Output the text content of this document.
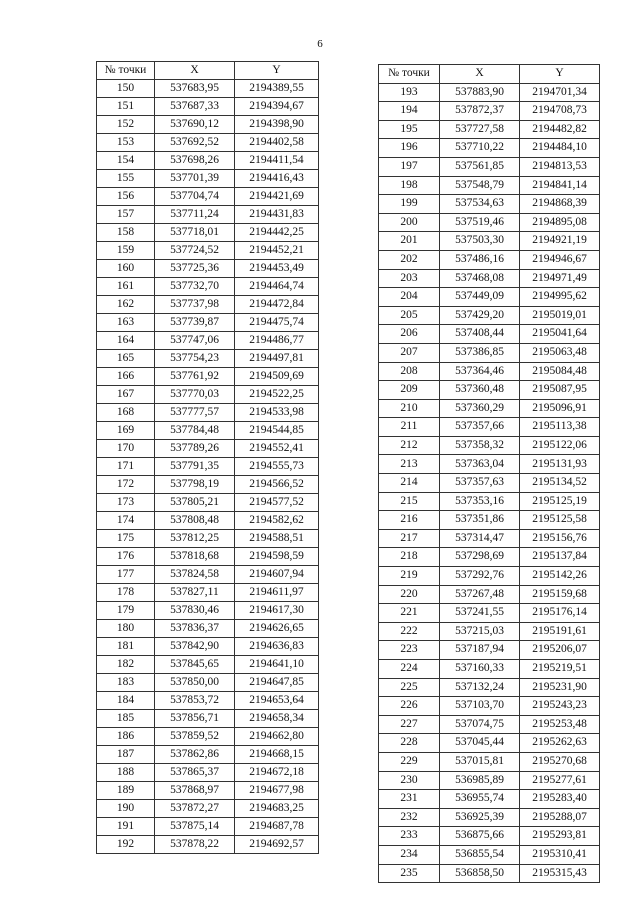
6
№ точки	X	Y
150	537683,95	2194389,55
151	537687,33	2194394,67
152	537690,12	2194398,90
153	537692,52	2194402,58
154	537698,26	2194411,54
155	537701,39	2194416,43
156	537704,74	2194421,69
157	537711,24	2194431,83
158	537718,01	2194442,25
159	537724,52	2194452,21
160	537725,36	2194453,49
161	537732,70	2194464,74
162	537737,98	2194472,84
163	537739,87	2194475,74
164	537747,06	2194486,77
165	537754,23	2194497,81
166	537761,92	2194509,69
167	537770,03	2194522,25
168	537777,57	2194533,98
169	537784,48	2194544,85
170	537789,26	2194552,41
171	537791,35	2194555,73
172	537798,19	2194566,52
173	537805,21	2194577,52
174	537808,48	2194582,62
175	537812,25	2194588,51
176	537818,68	2194598,59
177	537824,58	2194607,94
178	537827,11	2194611,97
179	537830,46	2194617,30
180	537836,37	2194626,65
181	537842,90	2194636,83
182	537845,65	2194641,10
183	537850,00	2194647,85
184	537853,72	2194653,64
185	537856,71	2194658,34
186	537859,52	2194662,80
187	537862,86	2194668,15
188	537865,37	2194672,18
189	537868,97	2194677,98
190	537872,27	2194683,25
191	537875,14	2194687,78
192	537878,22	2194692,57
№ точки	X	Y
193	537883,90	2194701,34
194	537872,37	2194708,73
195	537727,58	2194482,82
196	537710,22	2194484,10
197	537561,85	2194813,53
198	537548,79	2194841,14
199	537534,63	2194868,39
200	537519,46	2194895,08
201	537503,30	2194921,19
202	537486,16	2194946,67
203	537468,08	2194971,49
204	537449,09	2194995,62
205	537429,20	2195019,01
206	537408,44	2195041,64
207	537386,85	2195063,48
208	537364,46	2195084,48
209	537360,48	2195087,95
210	537360,29	2195096,91
211	537357,66	2195113,38
212	537358,32	2195122,06
213	537363,04	2195131,93
214	537357,63	2195134,52
215	537353,16	2195125,19
216	537351,86	2195125,58
217	537314,47	2195156,76
218	537298,69	2195137,84
219	537292,76	2195142,26
220	537267,48	2195159,68
221	537241,55	2195176,14
222	537215,03	2195191,61
223	537187,94	2195206,07
224	537160,33	2195219,51
225	537132,24	2195231,90
226	537103,70	2195243,23
227	537074,75	2195253,48
228	537045,44	2195262,63
229	537015,81	2195270,68
230	536985,89	2195277,61
231	536955,74	2195283,40
232	536925,39	2195288,07
233	536875,66	2195293,81
234	536855,54	2195310,41
235	536858,50	2195315,43
